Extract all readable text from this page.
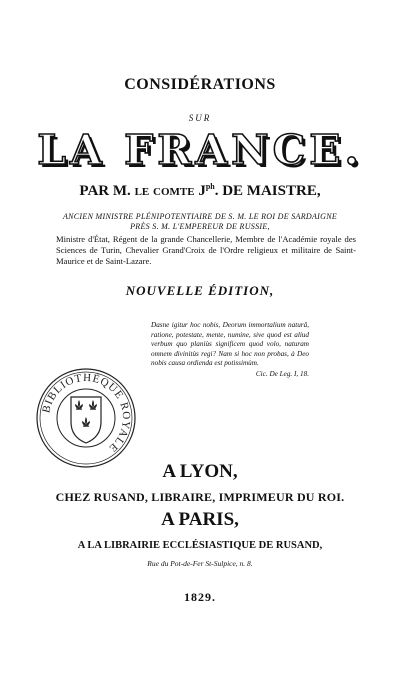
CONSIDÉRATIONS
SUR
LA FRANCE.
PAR M. LE COMTE $J^{ph}$. DE MAISTRE,
ANCIEN MINISTRE PLÉNIPOTENTIAIRE DE S. M. LE ROI DE SARDAIGNE
PRÈS S. M. L'EMPEREUR DE RUSSIE,
Ministre d'État, Régent de la grande Chancellerie, Membre de l'Académie royale des Sciences de Turin, Chevalier Grand'Croix de l'Ordre religieux et militaire de Saint-Maurice et de Saint-Lazare.
NOUVELLE ÉDITION,
Dasne igitur hoc nobis, Deorum immortalium naturâ, ratione, potestate, mente, numine, sive quod est aliud verbum quo planiùs significem quod volo, naturam omnem divinitùs regi? Nam si hoc non probas, à Deo nobis causa ordienda est potissimùm.
Cic. De Leg. I, 18.
BIBLIOTHÈQUE ROYALE
A LYON,
CHEZ RUSAND, LIBRAIRE, IMPRIMEUR DU ROI.
A PARIS,
A LA LIBRAIRIE ECCLÉSIASTIQUE DE RUSAND,
Rue du Pot-de-Fer St-Sulpice, n. 8.
1829.
